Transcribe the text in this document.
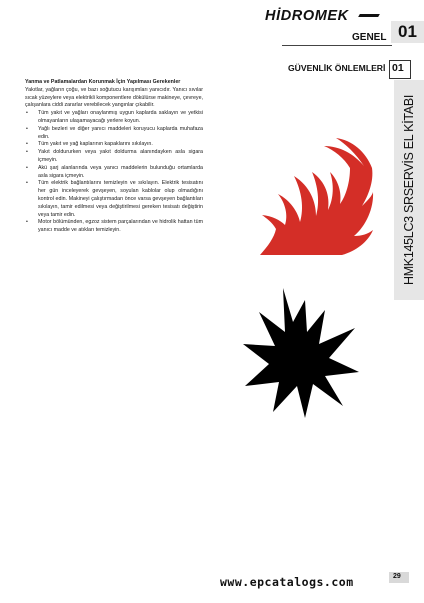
HİDROMEK
GENEL 01
GÜVENLİK ÖNLEMLERİ 01
HMK145LC3 SRSERVİS EL KİTABI
Yanma ve Patlamalardan Korunmak İçin Yapılması Gerekenler

Yakıtlar, yağların çoğu, ve bazı soğutucu karışımları yanıcıdır. Yanıcı sıvılar sıcak yüzeylere veya elektrikli komponentlere dökülürse makineye, çevreye, çalışanlara ciddi zararlar verebilecek yangınlar çıkabilir.

• Tüm yakıt ve yağları onaylanmış uygun kaplarda saklayın ve yetkisi olmayanların ulaşamayacağı yerlere koyun.
• Yağlı bezleri ve diğer yanıcı maddeleri koruyucu kaplarda muhafaza edin.
• Tüm yakıt ve yağ kaplarının kapaklarını sıkılayın.
• Yakıt doldururken veya yakıt doldurma alanındayken asla sigara içmeyin.
• Akü şarj alanlarında veya yanıcı maddelerin bulunduğu ortamlarda asla sigara içmeyin.
• Tüm elektrik bağlantılarını temizleyin ve sıkılayın. Elektrik tesisatını her gün inceleyerek gevşeyen, soyulan kablolar olup olmadığını kontrol edin. Makineyi çalıştırmadan önce varsa gevşeyen bağlantıları sıkılayın, tamir edilmesi veya değiştirilmesi gereken tesisatı değiştirin veya tamir edin.
• Motor bölümünden, egzoz sistem parçalarından ve hidrolik hattan tüm yanıcı madde ve atıkları temizleyin.
www.epcatalogs.com	29
